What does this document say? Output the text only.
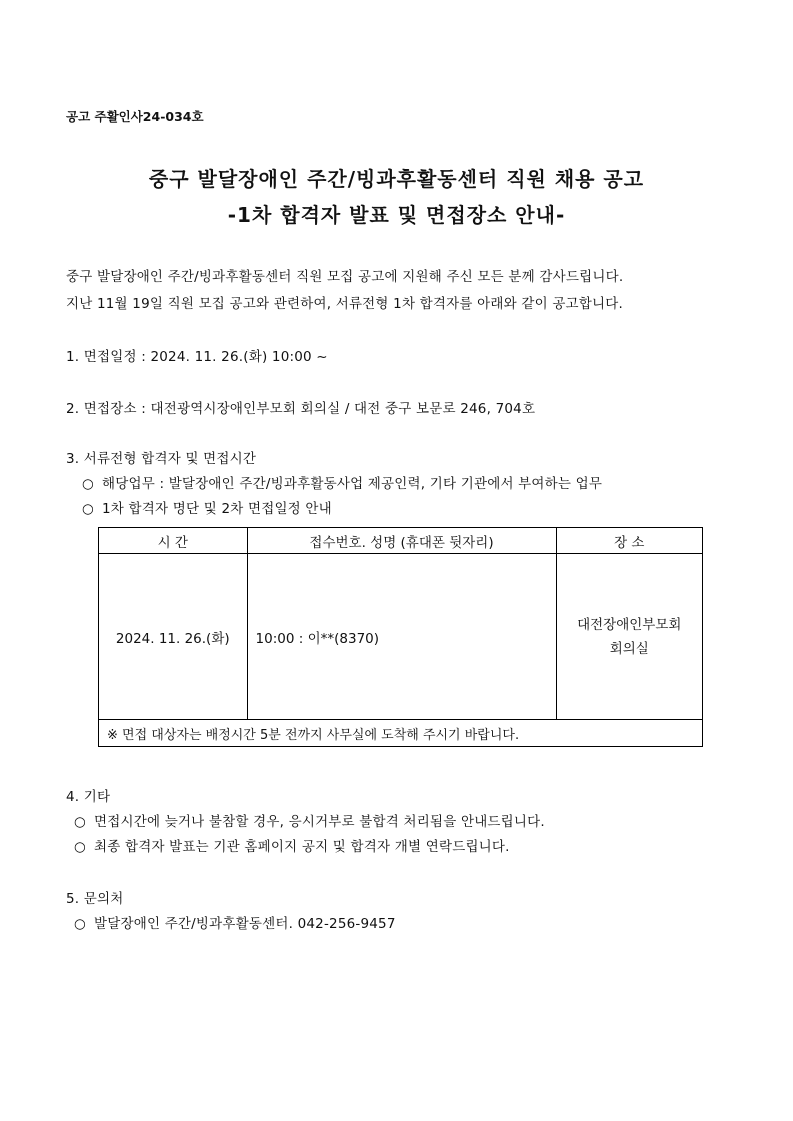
공고 주활인사24-034호
중구 발달장애인 주간/빙과후활동센터 직원 채용 공고
-1차 합격자 발표 및 면접장소 안내-
중구 발달장애인 주간/빙과후활동센터 직원 모집 공고에 지원해 주신 모든 분께 감사드립니다.
지난 11월 19일 직원 모집 공고와 관련하여, 서류전형 1차 합격자를 아래와 같이 공고합니다.
1. 면접일정 : 2024. 11. 26.(화) 10:00 ~
2. 면접장소 : 대전광역시장애인부모회 회의실 / 대전 중구 보문로 246, 704호
3. 서류전형 합격자 및 면접시간
○ 해당업무 : 발달장애인 주간/빙과후활동사업 제공인력, 기타 기관에서 부여하는 업무
○ 1차 합격자 명단 및 2차 면접일정 안내
시 간	접수번호. 성명 (휴대폰 뒷자리)	장 소
2024. 11. 26.(화)	10:00 : 이**(8370)	대전장애인부모회
회의실

※ 면접 대상자는 배정시간 5분 전까지 사무실에 도착해 주시기 바랍니다.		
4. 기타
○ 면접시간에 늦거나 불참할 경우, 응시거부로 불합격 처리됨을 안내드립니다.
○ 최종 합격자 발표는 기관 홈페이지 공지 및 합격자 개별 연락드립니다.
5. 문의처
○ 발달장애인 주간/빙과후활동센터. 042-256-9457
